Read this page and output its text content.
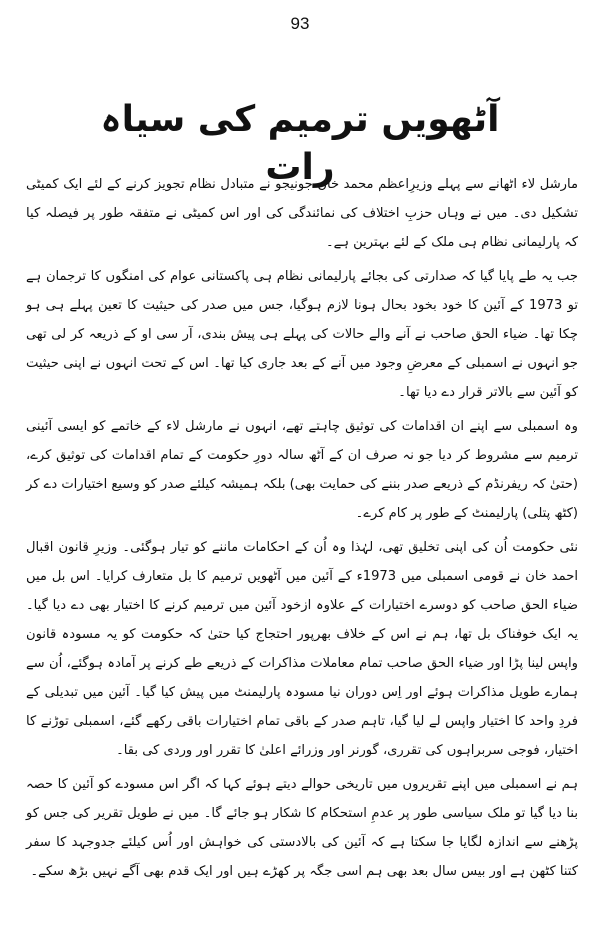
93
آٹھویں ترمیم کی سیاہ رات

مارشل لاء اٹھانے سے پہلے وزیرِاعظم محمد خان جونیجو نے متبادل نظام تجویز کرنے کے لئے ایک کمیٹی تشکیل دی۔ میں نے وہاں حزبِ اختلاف کی نمائندگی کی اور اس کمیٹی نے متفقہ طور پر فیصلہ کیا کہ پارلیمانی نظام ہی ملک کے لئے بہترین ہے۔

جب یہ طے پایا گیا کہ صدارتی کی بجائے پارلیمانی نظام ہی پاکستانی عوام کی امنگوں کا ترجمان ہے تو 1973 کے آئین کا خود بخود بحال ہونا لازم ہوگیا، جس میں صدر کی حیثیت کا تعین پہلے ہی ہو چکا تھا۔ ضیاء الحق صاحب نے آنے والے حالات کی پہلے ہی پیش بندی، آر سی او کے ذریعہ کر لی تھی جو انہوں نے اسمبلی کے معرضِ وجود میں آنے کے بعد جاری کیا تھا۔ اس کے تحت انہوں نے اپنی حیثیت کو آئین سے بالاتر قرار دے دیا تھا۔

وہ اسمبلی سے اپنے ان اقدامات کی توثیق چاہتے تھے، انہوں نے مارشل لاء کے خاتمے کو ایسی آئینی ترمیم سے مشروط کر دیا جو نہ صرف ان کے آٹھ سالہ دورِ حکومت کے تمام اقدامات کی توثیق کرے، (حتیٰ کہ ریفرنڈم کے ذریعے صدر بننے کی حمایت بھی) بلکہ ہمیشہ کیلئے صدر کو وسیع اختیارات دے کر (کٹھ پتلی) پارلیمنٹ کے طور پر کام کرے۔

نئی حکومت اُن کی اپنی تخلیق تھی، لہٰذا وہ اُن کے احکامات ماننے کو تیار ہوگئی۔ وزیرِ قانون اقبال احمد خان نے قومی اسمبلی میں 1973ء کے آئین میں آٹھویں ترمیم کا بل متعارف کرایا۔ اس بل میں ضیاء الحق صاحب کو دوسرے اختیارات کے علاوہ ازخود آئین میں ترمیم کرنے کا اختیار بھی دے دیا گیا۔ یہ ایک خوفناک بل تھا، ہم نے اس کے خلاف بھرپور احتجاج کیا حتیٰ کہ حکومت کو یہ مسودہ قانون واپس لینا پڑا اور ضیاء الحق صاحب تمام معاملات مذاکرات کے ذریعے طے کرنے پر آمادہ ہوگئے، اُن سے ہمارے طویل مذاکرات ہوئے اور اِس دوران نیا مسودہ پارلیمنٹ میں پیش کیا گیا۔ آئین میں تبدیلی کے فردِ واحد کا اختیار واپس لے لیا گیا، تاہم صدر کے باقی تمام اختیارات باقی رکھے گئے، اسمبلی توڑنے کا اختیار، فوجی سربراہوں کی تقرری، گورنر اور وزرائے اعلیٰ کا تقرر اور وردی کی بقا۔

ہم نے اسمبلی میں اپنے تقریروں میں تاریخی حوالے دیتے ہوئے کہا کہ اگر اس مسودے کو آئین کا حصہ بنا دیا گیا تو ملک سیاسی طور پر عدمِ استحکام کا شکار ہو جائے گا۔ میں نے طویل تقریر کی جس کو پڑھنے سے اندازہ لگایا جا سکتا ہے کہ آئین کی بالادستی کی خواہش اور اُس کیلئے جدوجہد کا سفر کتنا کٹھن ہے اور بیس سال بعد بھی ہم اسی جگہ پر کھڑے ہیں اور ایک قدم بھی آگے نہیں بڑھ سکے۔
